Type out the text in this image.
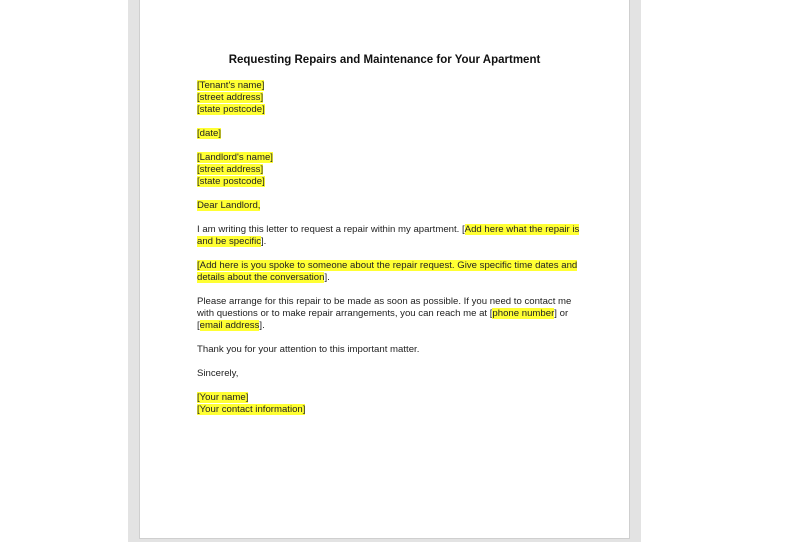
Requesting Repairs and Maintenance for Your Apartment

[Tenant's name]
[street address]
[state postcode]

[date]

[Landlord's name]
[street address]
[state postcode]

Dear Landlord,

I am writing this letter to request a repair within my apartment. [Add here what the repair is and be specific].

[Add here is you spoke to someone about the repair request. Give specific time dates and details about the conversation].

Please arrange for this repair to be made as soon as possible. If you need to contact me with questions or to make repair arrangements, you can reach me at [phone number] or [email address].

Thank you for your attention to this important matter.

Sincerely,

[Your name]
[Your contact information]
